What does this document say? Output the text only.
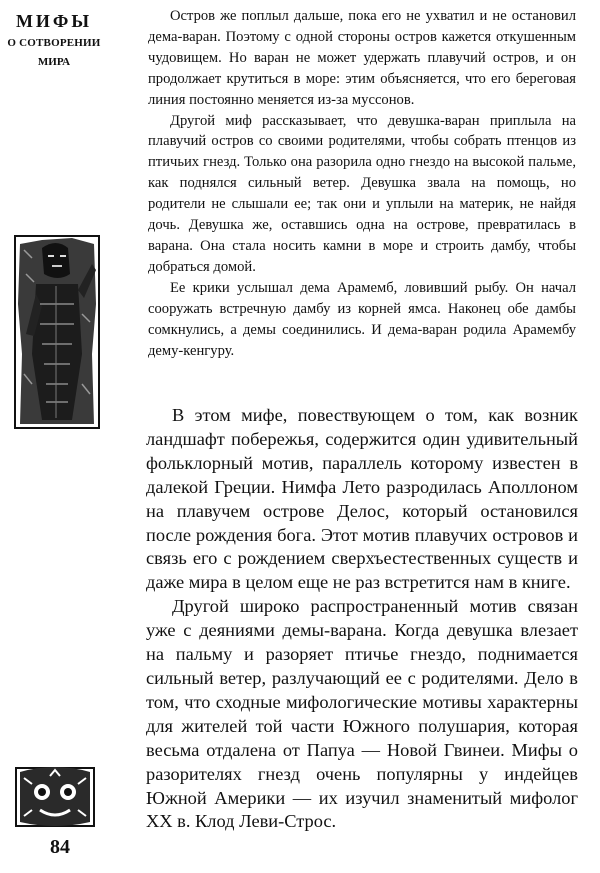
МИФЫ
О СОТВОРЕНИИ
МИРА

Остров же поплыл дальше, пока его не ухватил и не остановил дема-варан. Поэтому с одной стороны остров кажется откушенным чудовищем. Но варан не может удержать плавучий остров, и он продолжает крутиться в море: этим объясняется, что его береговая линия постоянно меняется из-за муссонов.

Другой миф рассказывает, что девушка-варан приплыла на плавучий остров со своими родителями, чтобы собрать птенцов из птичьих гнезд. Только она разорила одно гнездо на высокой пальме, как поднялся сильный ветер. Девушка звала на помощь, но родители не слышали ее; так они и уплыли на материк, не найдя дочь. Девушка же, оставшись одна на острове, превратилась в варана. Она стала носить камни в море и строить дамбу, чтобы добраться домой.

Ее крики услышал дема Арамемб, ловивший рыбу. Он начал сооружать встречную дамбу из корней ямса. Наконец обе дамбы сомкнулись, а демы соединились. И дема-варан родила Арамембу дему-кенгуру.

В этом мифе, повествующем о том, как возник ландшафт побережья, содержится один удивительный фольклорный мотив, параллель которому известен в далекой Греции. Нимфа Лето разродилась Аполлоном на плавучем острове Делос, который остановился после рождения бога. Этот мотив плавучих островов и связь его с рождением сверхъестественных существ и даже мира в целом еще не раз встретится нам в книге.

Другой широко распространенный мотив связан уже с деяниями демы-варана. Когда девушка влезает на пальму и разоряет птичье гнездо, поднимается сильный ветер, разлучающий ее с родителями. Дело в том, что сходные мифологические мотивы характерны для жителей той части Южного полушария, которая весьма отдалена от Папуа — Новой Гвинеи. Мифы о разорителях гнезд очень популярны у индейцев Южной Америки — их изучил знаменитый мифолог XX в. Клод Леви-Строс.

84
